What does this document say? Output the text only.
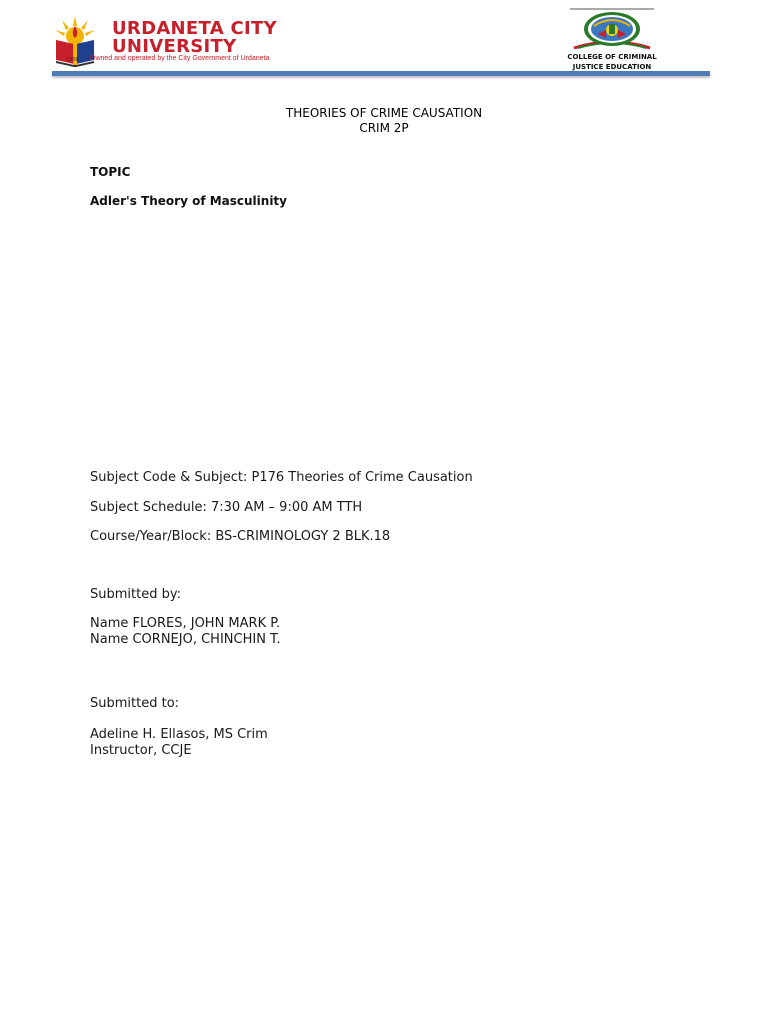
1966
URDANETA CITY
UNIVERSITY
Owned and operated by the City Government of Urdaneta	COLLEGE OF CRIMINAL
JUSTICE EDUCATION
THEORIES OF CRIME CAUSATION
CRIM 2P
TOPIC
Adler's Theory of Masculinity
Subject Code & Subject: P176 Theories of Crime Causation
Subject Schedule: 7:30 AM – 9:00 AM TTH
Course/Year/Block: BS-CRIMINOLOGY 2 BLK.18
Submitted by:
Name FLORES, JOHN MARK P.
Name CORNEJO, CHINCHIN T.
Submitted to:
Adeline H. Ellasos, MS Crim
Instructor, CCJE
